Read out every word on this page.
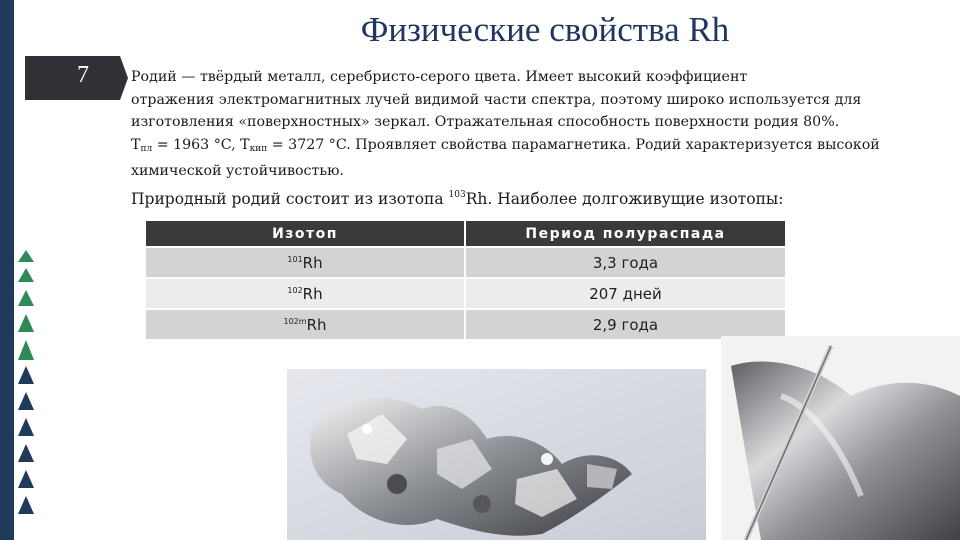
Физические свойства Rh
7	Родий — твёрдый металл, серебристо-серого цвета. Имеет высокий коэффициент
отражения электромагнитных лучей видимой части спектра, поэтому широко используется для
изготовления «поверхностных» зеркал. Отражательная способность поверхности родия 80%.
$T_{пл} = 1963$ °C, $T_{кип} = 3727$ °C. Проявляет свойства парамагнетика. Родий характеризуется высокой
химической устойчивостью.
Природный родий состоит из изотопа $^{103}$Rh. Наиболее долгоживущие изотопы:
Изотоп	Период полураспада
$^{101}$Rh	3,3 года
$^{102}$Rh	207 дней
$^{102m}$Rh	2,9 года
